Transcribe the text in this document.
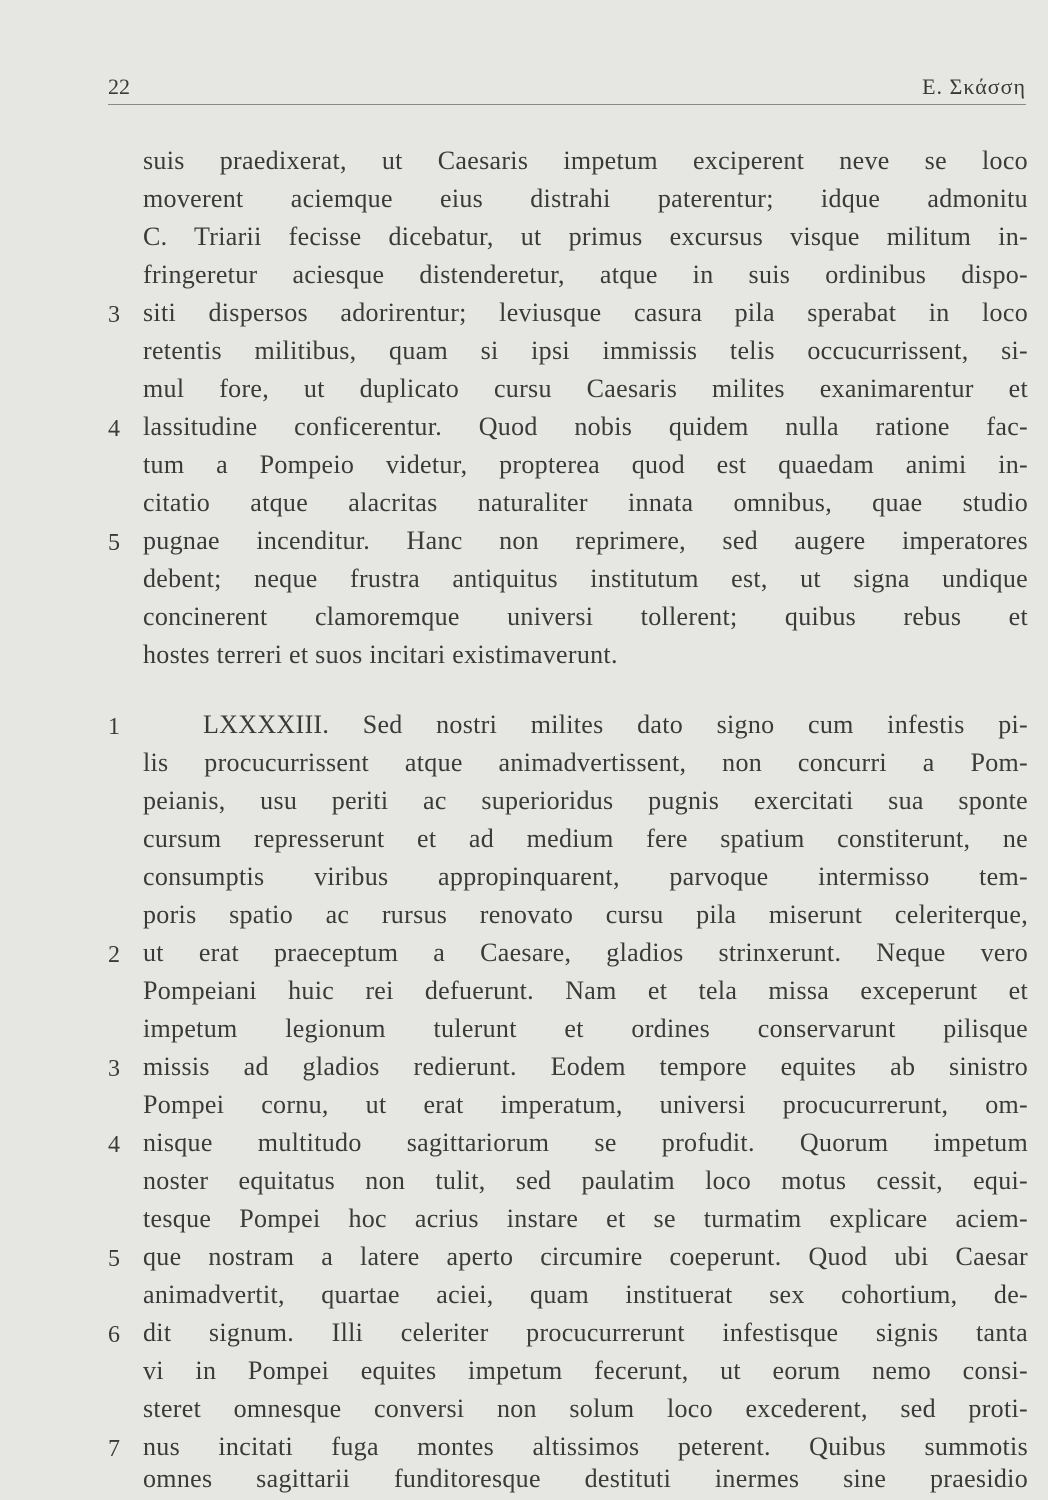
22	E. Σκάσση
suis praedixerat, ut Caesaris impetum exciperent neve se loco
moverent aciemque eius distrahi paterentur; idque admonitu
C. Triarii fecisse dicebatur, ut primus excursus visque militum in-
fringeretur aciesque distenderetur, atque in suis ordinibus dispo-
siti dispersos adorirentur; leviusque casura pila sperabat in loco
retentis militibus, quam si ipsi immissis telis occucurrissent, si-
mul fore, ut duplicato cursu Caesaris milites exanimarentur et
lassitudine conficerentur. Quod nobis quidem nulla ratione fac-
tum a Pompeio videtur, propterea quod est quaedam animi in-
citatio atque alacritas naturaliter innata omnibus, quae studio
pugnae incenditur. Hanc non reprimere, sed augere imperatores
debent; neque frustra antiquitus institutum est, ut signa undique
concinerent clamoremque universi tollerent; quibus rebus et
hostes terreri et suos incitari existimaverunt.
3
4
5
LXXXXIII. Sed nostri milites dato signo cum infestis pi-
lis procucurrissent atque animadvertissent, non concurri a Pom-
peianis, usu periti ac superioridus pugnis exercitati sua sponte
cursum represserunt et ad medium fere spatium constiterunt, ne
consumptis viribus appropinquarent, parvoque intermisso tem-
poris spatio ac rursus renovato cursu pila miserunt celeriterque,
ut erat praeceptum a Caesare, gladios strinxerunt. Neque vero
Pompeiani huic rei defuerunt. Nam et tela missa exceperunt et
impetum legionum tulerunt et ordines conservarunt pilisque
missis ad gladios redierunt. Eodem tempore equites ab sinistro
Pompei cornu, ut erat imperatum, universi procucurrerunt, om-
nisque multitudo sagittariorum se profudit. Quorum impetum
noster equitatus non tulit, sed paulatim loco motus cessit, equi-
tesque Pompei hoc acrius instare et se turmatim explicare aciem-
que nostram a latere aperto circumire coeperunt. Quod ubi Caesar
animadvertit, quartae aciei, quam instituerat sex cohortium, de-
dit signum. Illi celeriter procucurrerunt infestisque signis tanta
vi in Pompei equites impetum fecerunt, ut eorum nemo consi-
steret omnesque conversi non solum loco excederent, sed proti-
nus incitati fuga montes altissimos peterent. Quibus summotis
omnes sagittarii funditoresque destituti inermes sine praesidio
1
2
3
4
5
6
7
